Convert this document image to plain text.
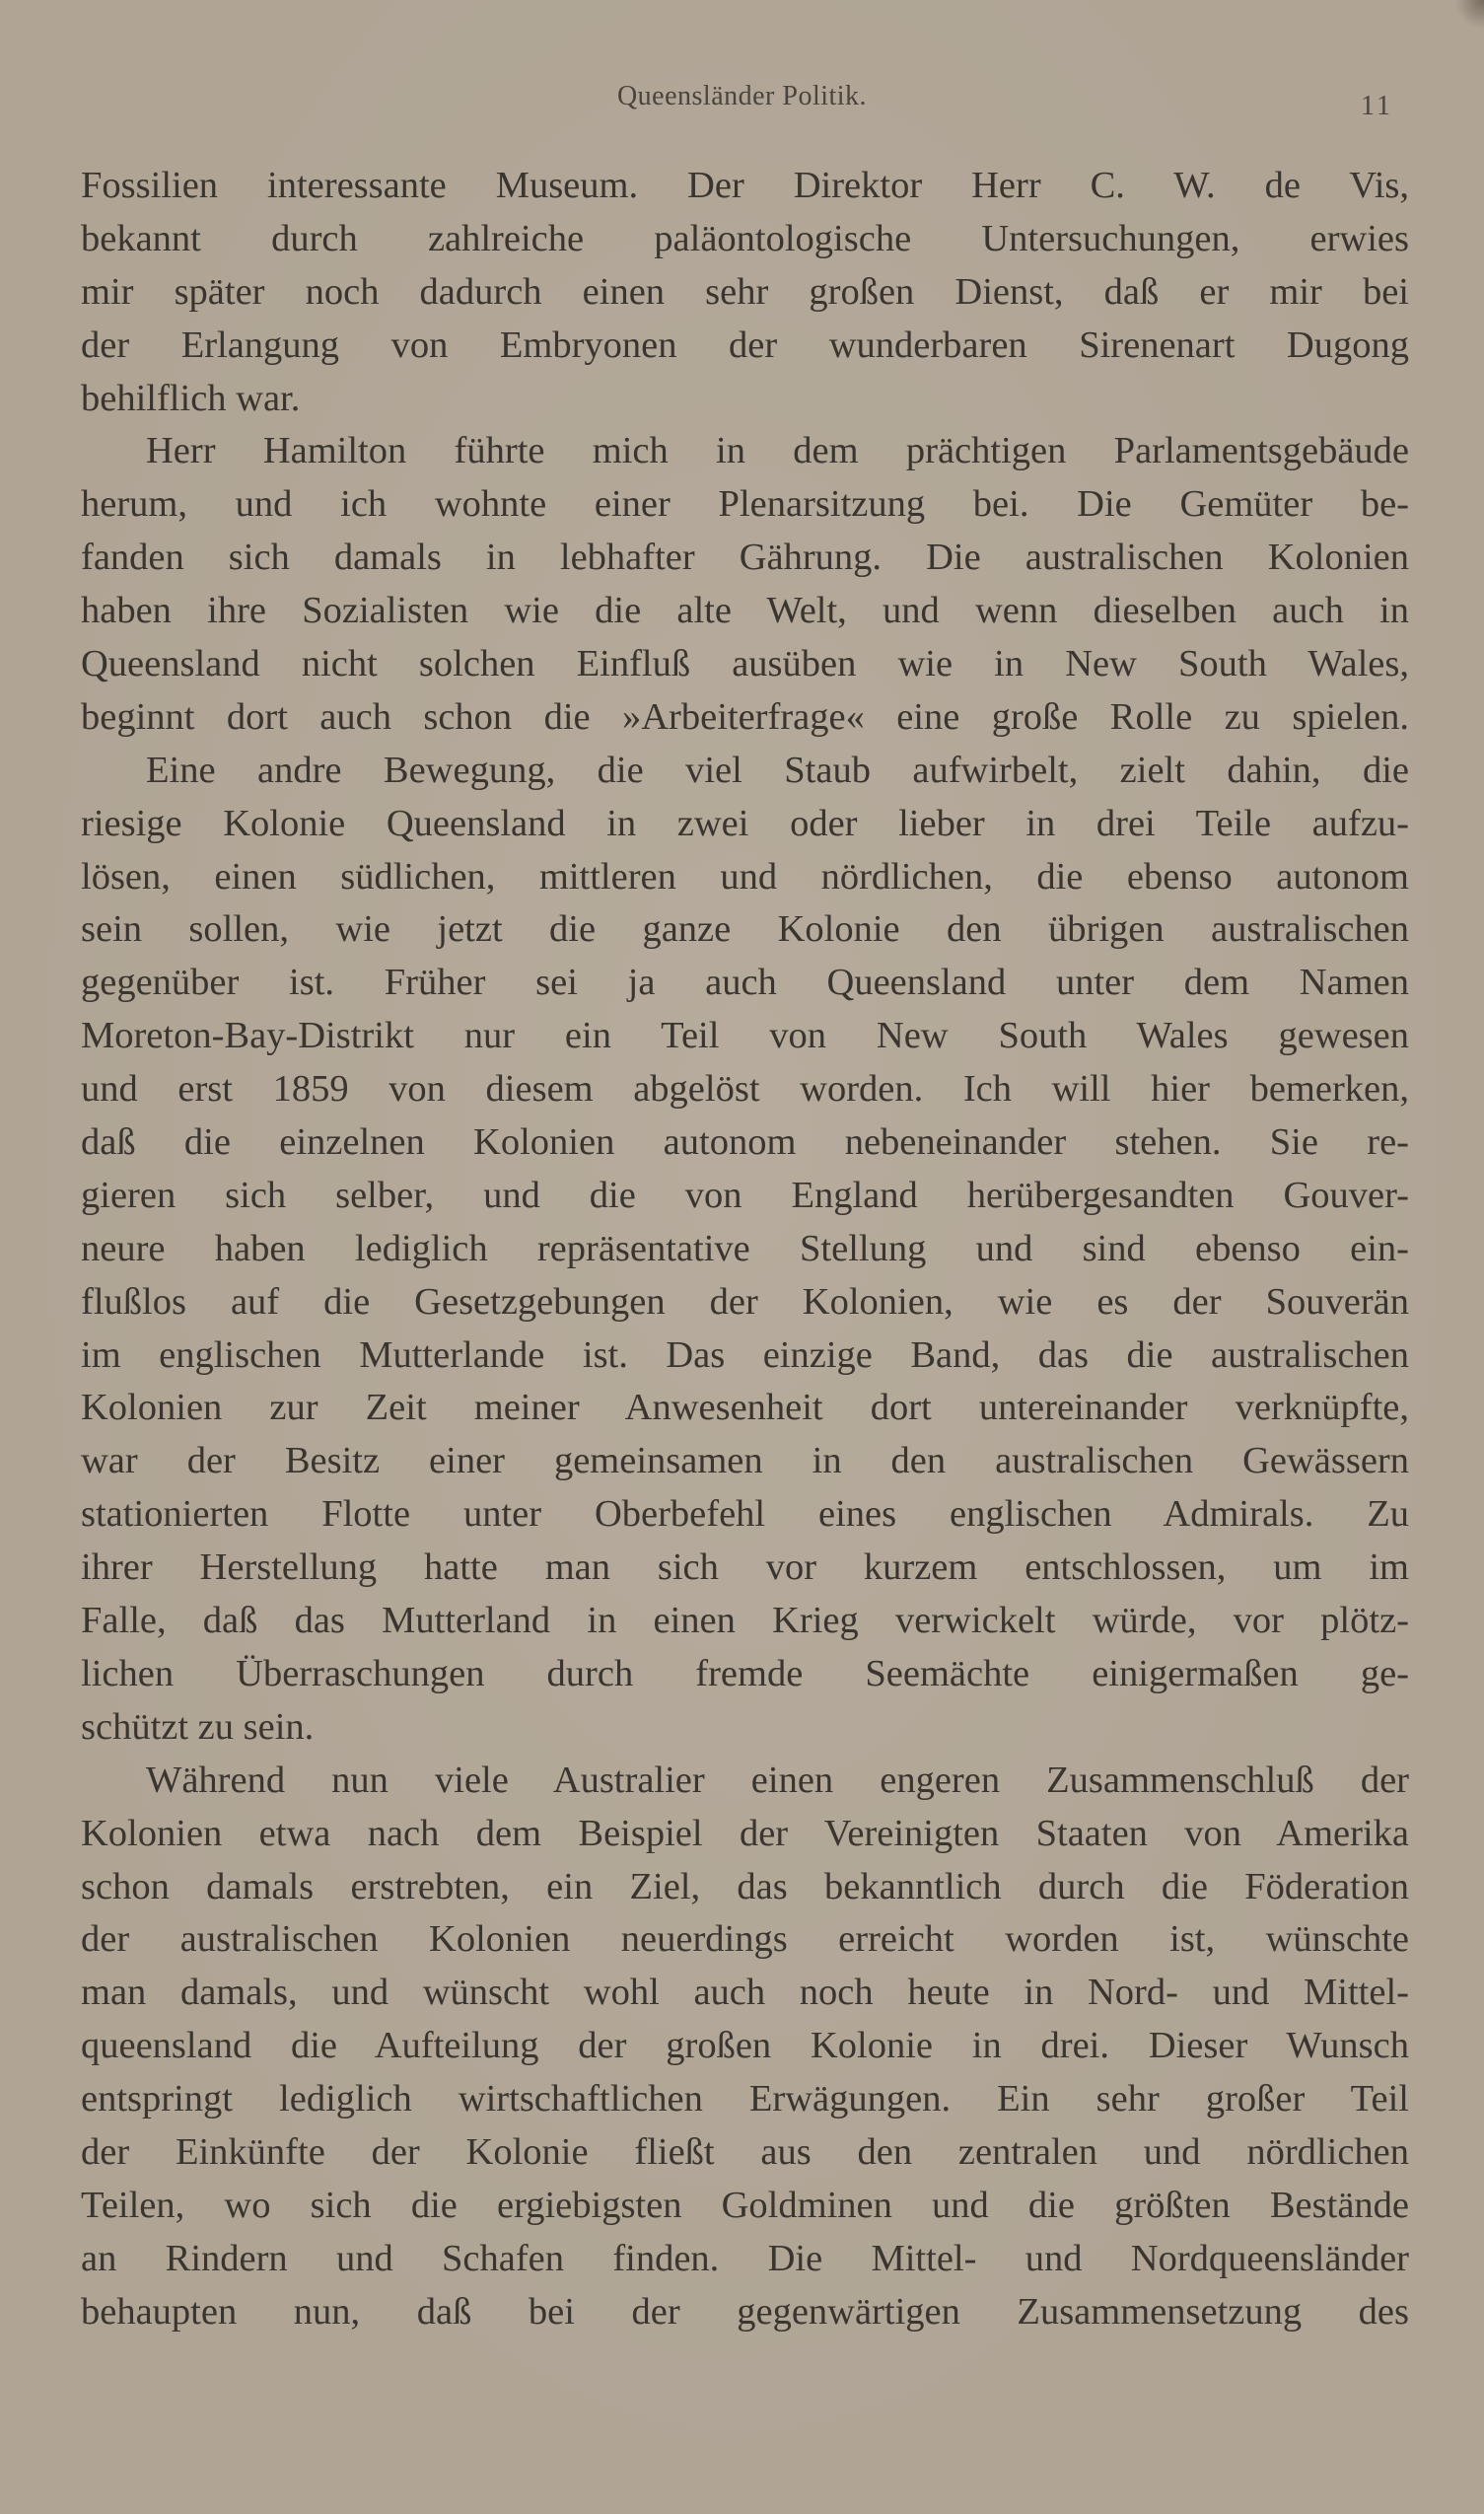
Queensländer Politik.	11
Fossilien interessante Museum. Der Direktor Herr C. W. de Vis,
bekannt durch zahlreiche paläontologische Untersuchungen, erwies
mir später noch dadurch einen sehr großen Dienst, daß er mir bei
der Erlangung von Embryonen der wunderbaren Sirenenart Dugong
behilflich war.
Herr Hamilton führte mich in dem prächtigen Parlamentsgebäude
herum, und ich wohnte einer Plenarsitzung bei. Die Gemüter be-
fanden sich damals in lebhafter Gährung. Die australischen Kolonien
haben ihre Sozialisten wie die alte Welt, und wenn dieselben auch in
Queensland nicht solchen Einfluß ausüben wie in New South Wales,
beginnt dort auch schon die »Arbeiterfrage« eine große Rolle zu spielen.
Eine andre Bewegung, die viel Staub aufwirbelt, zielt dahin, die
riesige Kolonie Queensland in zwei oder lieber in drei Teile aufzu-
lösen, einen südlichen, mittleren und nördlichen, die ebenso autonom
sein sollen, wie jetzt die ganze Kolonie den übrigen australischen
gegenüber ist. Früher sei ja auch Queensland unter dem Namen
Moreton-Bay-Distrikt nur ein Teil von New South Wales gewesen
und erst 1859 von diesem abgelöst worden. Ich will hier bemerken,
daß die einzelnen Kolonien autonom nebeneinander stehen. Sie re-
gieren sich selber, und die von England herübergesandten Gouver-
neure haben lediglich repräsentative Stellung und sind ebenso ein-
flußlos auf die Gesetzgebungen der Kolonien, wie es der Souverän
im englischen Mutterlande ist. Das einzige Band, das die australischen
Kolonien zur Zeit meiner Anwesenheit dort untereinander verknüpfte,
war der Besitz einer gemeinsamen in den australischen Gewässern
stationierten Flotte unter Oberbefehl eines englischen Admirals. Zu
ihrer Herstellung hatte man sich vor kurzem entschlossen, um im
Falle, daß das Mutterland in einen Krieg verwickelt würde, vor plötz-
lichen Überraschungen durch fremde Seemächte einigermaßen ge-
schützt zu sein.
Während nun viele Australier einen engeren Zusammenschluß der
Kolonien etwa nach dem Beispiel der Vereinigten Staaten von Amerika
schon damals erstrebten, ein Ziel, das bekanntlich durch die Föderation
der australischen Kolonien neuerdings erreicht worden ist, wünschte
man damals, und wünscht wohl auch noch heute in Nord- und Mittel-
queensland die Aufteilung der großen Kolonie in drei. Dieser Wunsch
entspringt lediglich wirtschaftlichen Erwägungen. Ein sehr großer Teil
der Einkünfte der Kolonie fließt aus den zentralen und nördlichen
Teilen, wo sich die ergiebigsten Goldminen und die größten Bestände
an Rindern und Schafen finden. Die Mittel- und Nordqueensländer
behaupten nun, daß bei der gegenwärtigen Zusammensetzung des
